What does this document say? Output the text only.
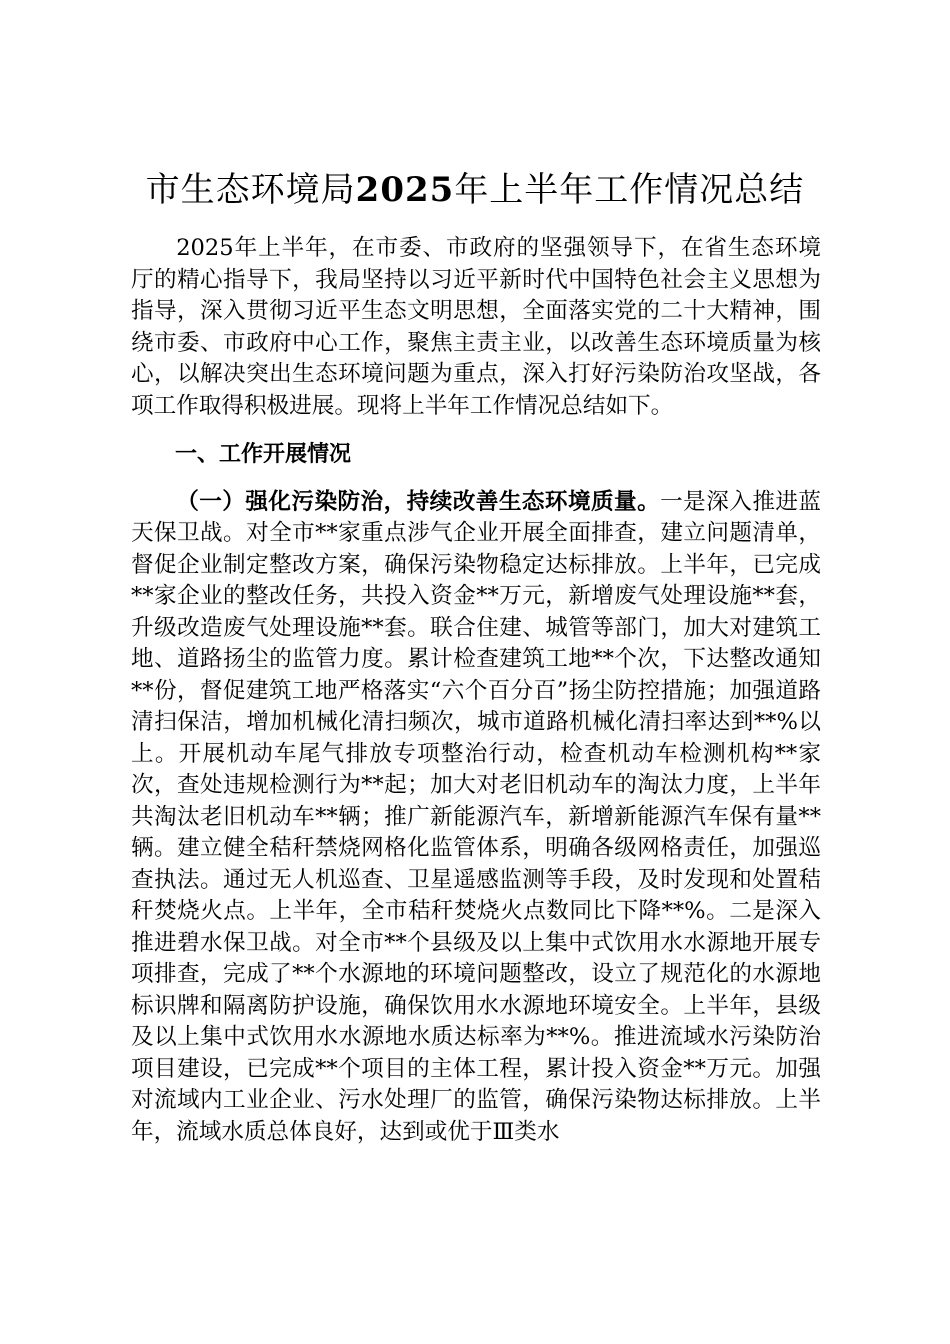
市生态环境局2025年上半年工作情况总结

2025年上半年，在市委、市政府的坚强领导下，在省生态环境厅的精心指导下，我局坚持以习近平新时代中国特色社会主义思想为指导，深入贯彻习近平生态文明思想，全面落实党的二十大精神，围绕市委、市政府中心工作，聚焦主责主业，以改善生态环境质量为核心，以解决突出生态环境问题为重点，深入打好污染防治攻坚战，各项工作取得积极进展。现将上半年工作情况总结如下。

一、工作开展情况

（一）强化污染防治，持续改善生态环境质量。一是深入推进蓝天保卫战。对全市**家重点涉气企业开展全面排查，建立问题清单，督促企业制定整改方案，确保污染物稳定达标排放。上半年，已完成**家企业的整改任务，共投入资金**万元，新增废气处理设施**套，升级改造废气处理设施**套。联合住建、城管等部门，加大对建筑工地、道路扬尘的监管力度。累计检查建筑工地**个次，下达整改通知**份，督促建筑工地严格落实“六个百分百”扬尘防控措施；加强道路清扫保洁，增加机械化清扫频次，城市道路机械化清扫率达到**%以上。开展机动车尾气排放专项整治行动，检查机动车检测机构**家次，查处违规检测行为**起；加大对老旧机动车的淘汰力度，上半年共淘汰老旧机动车**辆；推广新能源汽车，新增新能源汽车保有量**辆。建立健全秸秆禁烧网格化监管体系，明确各级网格责任，加强巡查执法。通过无人机巡查、卫星遥感监测等手段，及时发现和处置秸秆焚烧火点。上半年，全市秸秆焚烧火点数同比下降**%。二是深入推进碧水保卫战。对全市**个县级及以上集中式饮用水水源地开展专项排查，完成了**个水源地的环境问题整改，设立了规范化的水源地标识牌和隔离防护设施，确保饮用水水源地环境安全。上半年，县级及以上集中式饮用水水源地水质达标率为**%。推进流域水污染防治项目建设，已完成**个项目的主体工程，累计投入资金**万元。加强对流域内工业企业、污水处理厂的监管，确保污染物达标排放。上半年，流域水质总体良好，达到或优于Ⅲ类水
